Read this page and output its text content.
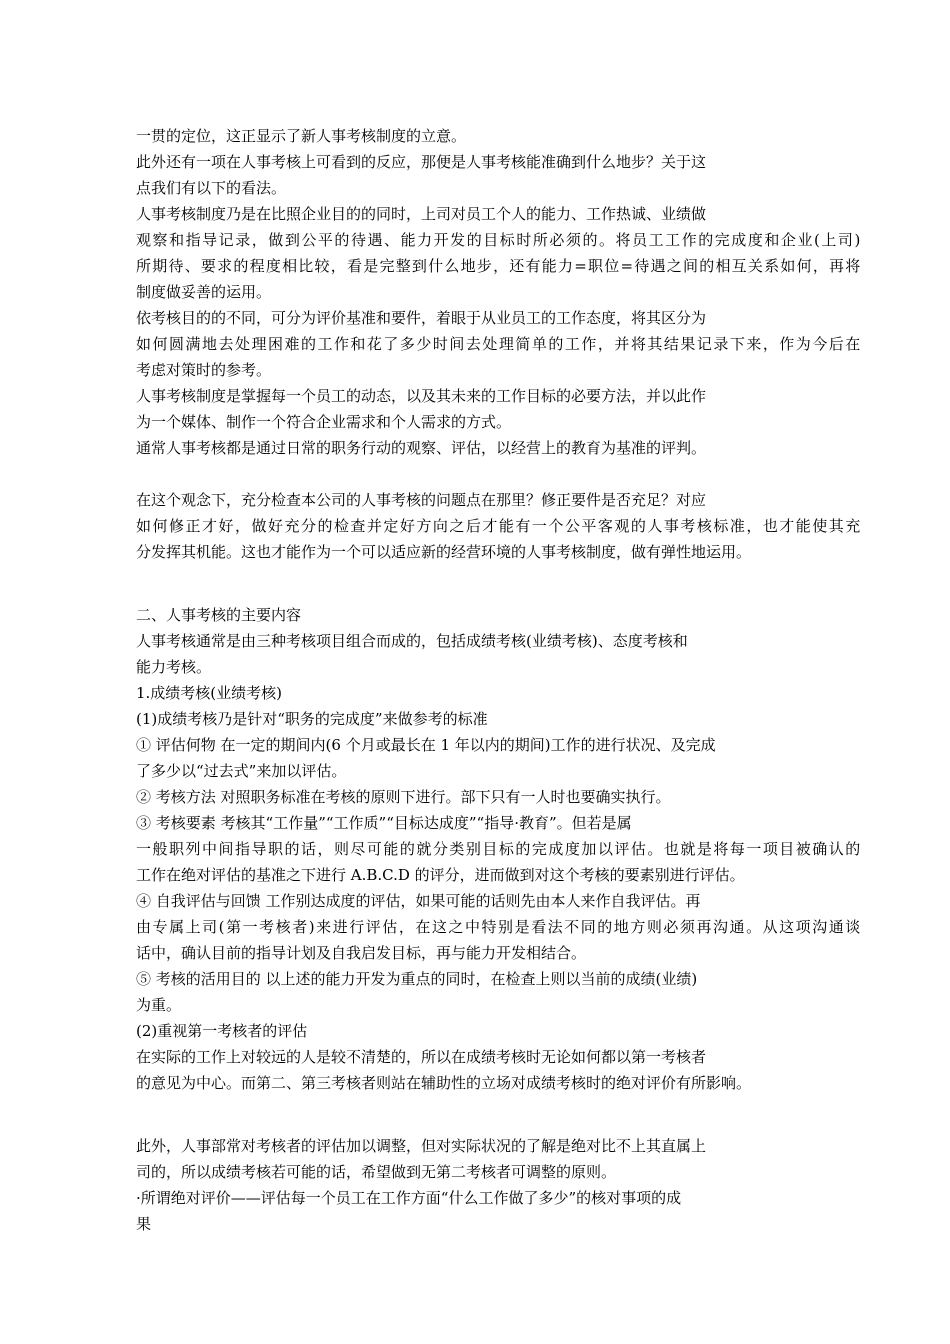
一贯的定位，这正显示了新人事考核制度的立意。
此外还有一项在人事考核上可看到的反应，那便是人事考核能准确到什么地步？关于这
点我们有以下的看法。
人事考核制度乃是在比照企业目的的同时，上司对员工个人的能力、工作热诚、业绩做
观察和指导记录，做到公平的待遇、能力开发的目标时所必须的。将员工工作的完成度和企业(上司)
所期待、要求的程度相比较，看是完整到什么地步，还有能力=职位=待遇之间的相互关系如何，再将
制度做妥善的运用。
依考核目的的不同，可分为评价基准和要件，着眼于从业员工的工作态度，将其区分为
如何圆满地去处理困难的工作和花了多少时间去处理简单的工作，并将其结果记录下来，作为今后在
考虑对策时的参考。
人事考核制度是掌握每一个员工的动态，以及其未来的工作目标的必要方法，并以此作
为一个媒体、制作一个符合企业需求和个人需求的方式。
通常人事考核都是通过日常的职务行动的观察、评估，以经营上的教育为基准的评判。
在这个观念下，充分检查本公司的人事考核的问题点在那里？修正要件是否充足？对应
如何修正才好，做好充分的检查并定好方向之后才能有一个公平客观的人事考核标准，也才能使其充
分发挥其机能。这也才能作为一个可以适应新的经营环境的人事考核制度，做有弹性地运用。
二、人事考核的主要内容
人事考核通常是由三种考核项目组合而成的，包括成绩考核(业绩考核)、态度考核和
能力考核。
1.成绩考核(业绩考核)
(1)成绩考核乃是针对“职务的完成度”来做参考的标准
① 评估何物 在一定的期间内(6 个月或最长在 1 年以内的期间)工作的进行状况、及完成
了多少以“过去式”来加以评估。
② 考核方法 对照职务标准在考核的原则下进行。部下只有一人时也要确实执行。
③ 考核要素 考核其“工作量”“工作质”“目标达成度”“指导·教育”。但若是属
一般职列中间指导职的话，则尽可能的就分类别目标的完成度加以评估。也就是将每一项目被确认的
工作在绝对评估的基准之下进行 A.B.C.D 的评分，进而做到对这个考核的要素别进行评估。
④ 自我评估与回馈 工作别达成度的评估，如果可能的话则先由本人来作自我评估。再
由专属上司(第一考核者)来进行评估，在这之中特别是看法不同的地方则必须再沟通。从这项沟通谈
话中，确认目前的指导计划及自我启发目标，再与能力开发相结合。
⑤ 考核的活用目的 以上述的能力开发为重点的同时，在检查上则以当前的成绩(业绩)
为重。
(2)重视第一考核者的评估
在实际的工作上对较远的人是较不清楚的，所以在成绩考核时无论如何都以第一考核者
的意见为中心。而第二、第三考核者则站在辅助性的立场对成绩考核时的绝对评价有所影响。
此外，人事部常对考核者的评估加以调整，但对实际状况的了解是绝对比不上其直属上
司的，所以成绩考核若可能的话，希望做到无第二考核者可调整的原则。
·所谓绝对评价——评估每一个员工在工作方面“什么工作做了多少”的核对事项的成
果
